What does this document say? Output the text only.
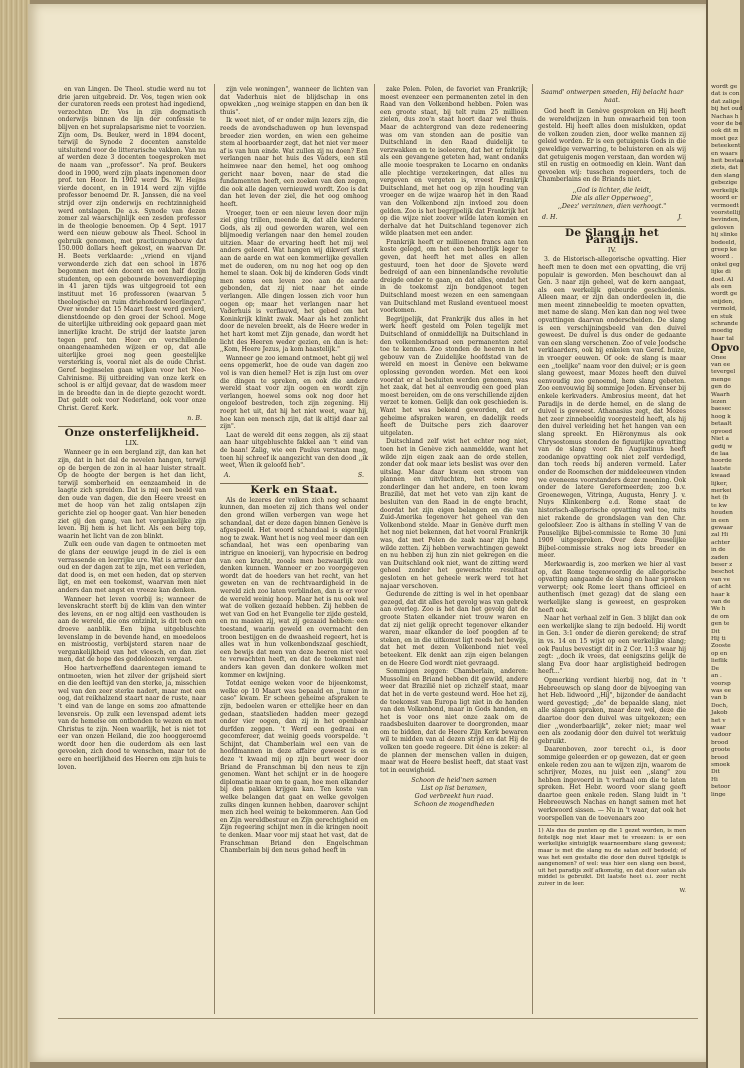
en van Lingen. De Theol. studie werd nu tot drie jaren uitgebreid. Dr. Vos, tegen wien ook der curatoren reeds een protest had ingediend, verzochten Dr. Vos in zijn dogmatisch onderwijs binnen de lijn der confessie te blijven en het supralapsarisme niet te voorzien. Zijn oom, Ds. Beuker, werd in 1894 docent, terwijl de Synode 2 docenten aanstelde uitsluitend voor de litterarische vakken. Van nu af werden deze 3 docenten toegesproken met de naam van ,,professor". Na prof. Beukers dood in 1900, werd zijn plaats ingenomen door prof. ten Hoor. In 1902 werd Ds. W. Heijns vierde docent, en in 1914 werd zijn vijfde professor benoemd Dr. R. Janssen, die na veel strijd over zijn onderwijs en rechtzinnigheid werd ontslagen. De a.s. Synode van dezen zomer zal waarschijnlijk een zesden professor in de theologie benoemen. Op 4 Sept. 1917 werd een nieuw gebouw als Theol. School in gebruik genomen, met practicumgebouw dat 150.000 dollars heeft gekost, en waarvan Dr. H. Beets verklaarde: ,,vriend en vijand verwonderde zich dat een school in 1876 begonnen met één docent en een half dozijn studenten, op een gebouwde bovenverdieping in 41 jaren tijds was uitgegroeid tot een instituut met 16 professoren (waarvan 5 theologische) en ruim driehonderd leerlingen". Over wonder dat 15 Maart feest werd gevierd, dienstdoende op den groei der School. Moge de uiterlijke uitbreiding ook gepaard gaan met innerlijke kracht. De strijd der laatste jaren tegen prof. ten Hoor en verschillende onaangenaamheden wijzen er op, dat alle uiterlijke groei nog geen geestelijke versterking is, vooral niet als de oude Christ. Geref. beginselen gaan wijken voor het Neo-Calvinisme. Bij uitbreiding van onze kerk en school is er altijd gevaar, dat de wasdom meer in de breedte dan in de diepte gezocht wordt. Dat geldt ook voor Nederland, ook voor onze Christ. Geref. Kerk.

n. B.
Onze onsterfelijkheid.
LIX.

Wanneer ge in een bergland zijt, dan kan het zijn, dat in het dal de nevelen hangen, terwijl op de bergen de zon in al haar luister straalt. Op de hoogte der bergen is het dan licht, terwijl somberheid en eenzaamheid in de laagte zich spreiden. Dat is mij een beeld van den oude van dagen, die den Heere vreest en met de hoop van het zalig ontslapen zijn gerichte ziel op hooger gaat. Van hier beneden ziet gij den gang, van het vergankelijke zijn leven. Bij hem is het licht. Als een berg top, waarin het licht van de zon blinkt.

Zulk een oude van dagen te ontmoeten met de glans der eeuwige jeugd in de ziel is een verrassende en leerrijke ure. Wat is armer dan oud en der dagen zat te zijn, met een verleden, dat dood is, en met een heden, dat op sterven ligt, en met een toekomst, waarvan men niet anders dan met angst en vreeze kan denken.

Wanneer het leven voorbij is; wanneer de levenskracht sterft bij de klim van den winter des levens, en er nog altijd een vasthouden is aan de wereld, die ons ontzinkt, is dit toch een droeve aanblik. Een bijna uitgebluschte levenslamp in de bevende hand, en moedeloos en mistroostig, verbijsterd staren naar de vergankelijkheid van het vleesch, en dan ziet men, dat de hope des goddeloozen vergaat.

Hoe hartverheffend daarentegen iemand te ontmoeten, wien het zilver der grijsheid siert en die den leeftijd van den sterke, ja, misschien wel van den zeer sterke nadert, maar met een oog, dat reikhalzend staart naar de ruste, naar 't eind van de lange en soms zoo afmattende levensreis. Op zulk een levenspad ademt iets van de hemelse om ontbonden te wezen en met Christus te zijn. Neen waarlijk, het is niet tot eer van onzen Heiland, die zoo hooggeroemd wordt door hen die ouderdom als een last gevoelen, zich dood te wenschen, maar tot de eere en heerlijkheid des Heeren om zijn huis te loven.

zijn vele woningen", wanneer de lichten van dat Vaderhuis niet de blijdschap in ons opwekken ,,nog weinige stappen en dan ben ik thuis".

Ik weet niet, of er onder mijn lezers zijn, die reeds de avondschaduwen op hun levenspad breeder zien worden, en wien een geheime stem al hoorbaarder zegt, dat het niet ver meer af is van hun einde. Wat zullen zij nu doen? Een verlangen naar het huis des Vaders, een stil heimwee naar den hemel, het oog omhoog gericht naar boven, naar de stad die fundamenten heeft, een zoeken van den zegen, die ook alle dagen vernieuwd wordt. Zoo is dat dan het leven der ziel, die het oog omhoog heeft.

Vroeger, toen er een nieuw leven door mijn ziel ging trillen, meende ik, dat alle kinderen Gods, als zij oud geworden waren, wel een blijmoedig verlangen naar den hemel zouden uitzien. Maar de ervaring heeft het mij wel anders geleerd. Wat hangen wij dikwerf sterk aan de aarde en wat een kommerlijke gevallen met de ouderen, om nu nog het oog op den hemel te slaan. Ook bij de kinderen Gods vindt men soms een leven zoo aan de aarde gebonden, dat zij niet naar het einde verlangen. Alle dingen lossen zich voor hun oogen op; maar het verlangen naar het Vaderhuis is verflauwd, het gebed om het Koninkrijk klinkt zwak. Maar als het zonlicht door de nevelen breekt, als de Heere weder in het hart komt met Zijn genade, dan wordt het licht des Heeren weder gezien, en dan is het: ,,Kom, Heere Jezus, ja kom haastelijk."

Wanneer ge zoo iemand ontmoet, hebt gij wel eens opgemerkt, hoe de oude van dagen zoo vol is van dien hemel? Het is zijn lust om over die dingen te spreken, en ook die andere wereld staat voor zijn oogen en wordt zijn verlangen, hoewel soms ook nog door het ongeloof bestreden, toch zijn zegening. Hij roept het uit, dat hij het niet weet, waar hij, hoe kan een mensch zijn, dat ik altijd daar zal zijn".

Laat de wereld dit eens zeggen, als zij staat aan haar uitgebluschte fakkel aan 't eind van de baan! Zalig, wie een Paulus verstaan mag, toen hij schreef ik aangezicht van den dood ,,ik weet, Wien ik geloofd heb".

A.	S.
Kerk en Staat.

Als de lezeres der volken zich nog schaamt kunnen, dan moeten zij zich thans wel onder den grond willen verbergen van wege het schandaal, dat er deze dagen binnen Genève is afgespeeld. Het woord schandaal is eigenlijk nog te zwak. Want het is nog veel meer dan een schandaal, het was een openbaring van intrigue en knoeierij, van hypocrisie en bedrog van een kracht, zooals men bezwaarlijk zou denken kunnen. Wanneer er zoo voorgegeven wordt dat de hoeders van het recht, van het geweten en van de rechtvaardigheid in de wereld zich zoo laten verblinden, dan is er voor de wereld weinig hoop. Maar het is nu ook wel wat de volken gezaaid hebben. Zij hebben de wet van God en het Evangelie ter zijde gesteld, en nu maaien zij, wat zij gezaaid hebben: een toestand, waarin geweld en overmacht den troon bestijgen en de dwaasheid regeert, het is alles wat in hun volkenbondszaal geschiedt, een bewijs dat men van deze heeren niet veel te verwachten heeft, en dat de toekomst niet anders kan geven dan donkere wolken met kommer en kwijning.

Totdat eenige weken voor de bijeenkomst, welke op 10 Maart was bepaald en ,,tumor in caso" kwam. Er scheen geheime afspraken te zijn, bedoelen waren er ettelijke heer en dan gedaan, staatslieden hadden meer gezegd onder vier oogen, dan zij in het openbaar durfden zeggen. 't Werd een gedraai en gecomfereer, dat weinig goeds voorspelde. 't Schijnt, dat Chamberlain wel een van de hoofdmannen in deze affaire geweest is en deze 't kwaad mij op zijn beurt weer door Briand de Franschman bij den neus te zijn genomen. Want het schijnt er in de hoogere diplomatie maar om te gaan, hoe men elkander bij den pakken krijgen kan. Ten koste van welke belangen dat gaat en welke gevolgen zulks dingen kunnen hebben, daarover schijnt men zich heel weinig te bekommeren. Aan God en Zijn wereldbestuur en Zijn gerechtigheid en Zijn regeering schijnt men in die kringen nooit te denken. Maar voor mij staat het vast, dat de Franschman Briand den Engelschman Chamberlain bij den neus gehad heeft in

zake Polen. Polen, de favoriet van Frankrijk; moest evenzeer een permanenten zetel in den Raad van den Volkenbond hebben. Polen was een groote staat, bij telt ruim 25 millioen zielen, dus zoo'n staat hoort daar wel thuis. Maar de achtergrond van deze redeneering was om van stonden aan de positie van Duitschland in den Raad duidelijk te verzwakken en te isoleeren, dat het er feitelijk als een gevangene geteten had, want ondanks alle mooie toespraken te Locarno en ondanks alle plechtige verzekeringen, dat alles nu vergeven en vergeten is, vreest Frankrijk Duitschland, met het oog op zijn houding van vroeger en de wijze waarop het in den Raad van den Volkenbond zijn invloed zou doen gelden. Zoo is het begrijpelijk dat Frankrijk het op die wijze niet zoover wilde laten komen en derhalve dat het Duitschland tegenover zich wilde plaatsen met een ander.

Frankrijk heeft er millioenen francs aan ten koste gelegd, om het een behoorlijk leger te geven, dat heeft het met alles en allen gestuurd, toen het door de Sjovete werd bedreigd of aan een binnenlandsche revolutie dreigde onder te gaan, en dat alles, omdat het in de toekomst zijn bondgenoot tegen Duitschland moest wezen en een samengaan van Duitschland met Rusland eventueel moest voorkomen.

Begrijpelijk, dat Frankrijk dus alles in het werk heeft gesteld om Polen tegelijk met Duitschland of onmiddellijk na Duitschland in den volkenbondsraad een permanenten zetel toe te kennen. Zoo stonden de heeren in het gebouw van de Zuidelijke hoofdstad van de wereld en moest in Genève een bekwame oplossing gevonden worden. Met een kooi voordat er al besluiten werden genomen, was het zaak, dat het al eenvoudig een goed plan moest bereiden, om de ons verschillende zijden verzet te komen. Gelijk dan ook geschieden is. Want het was bekend geworden, dat er geheime afspraken waren, en dadelijk reeds heeft de Duitsche pers zich daarover uitgelaten.

Duitschland zelf wist het echter nog niet, toen het in Genève zich aanmeldde, want het wilde zijn eigen zaak aan de orde stellen, zonder dat ook maar iets beslist was over den uitslag. Maar daar kwam een stroom van plannen en uitvluchten, het eene nog zonderlinger dan het andere, en toen kwam Brazilië, dat met het veto van zijn kant de besluiten van den Raad in de engte bracht, doordat het zijn eigen belangen en die van Zuid-Amerika tegenover het geheel van den Volkenbond stelde. Maar in Genève durft men het nog niet bekennen, dat het vooral Frankrijk was, dat met Polen de zaak naar zijn hand wilde zetten. Zij hebben verwachtingen gewekt en nu hebben zij hun zin niet gekregen en die van Duitschland ook niet, want de zitting werd geheel zonder het gewenschte resultaat gesloten en het geheele werk werd tot het najaar verschoven.

Gedurende de zitting is wel in het openbaar gezegd, dat dit alles het gevolg was van gebrek aan overleg. Zoo is het dan het gevolg dat de groote Staten elkander niet trouw waren en dat zij niet gelijk oprecht tegenover elkander waren, maar elkander de loef poogden af te steken, en in die uitkomst ligt reeds het bewijs, dat het met dezen Volkenbond niet veel beteekent. Elk denkt aan zijn eigen belangen en de Heere God wordt niet gevraagd.

Sommigen zeggen: Chamberlain, anderen: Mussolini en Briand hebben dit gewild, andere weer dat Brazilië niet op zichzelf staat, maar dat het in de verte gesteund werd. Hoe het zij, de toekomst van Europa ligt niet in de handen van den Volkenbond, maar in Gods handen, en het is voor ons niet onze zaak om de raadsbesluiten daarover te doorgronden, maar om te bidden, dat de Heere Zijn Kerk bewaren wil te midden van al dezen strijd en dat Hij de volken ten goede regeere. Dit ééne is zeker: al de plannen der menschen vallen in duigen, maar wat de Heere beslist heeft, dat staat vast tot in eeuwigheid.

Schoon de heid'nen samen
List op list beramen,
God verbreekt hun raad.
Schoon de mogendheden
Saamd' ontwerpen smeden, Hij belacht haar haat.

God heeft in Genève gesproken en Hij heeft de wereldwijzen in hun onwaarheid ten toon gesteld. Hij heeft alles doen mislukken, opdat de volken zouden zien, door welke mannen zij geleid worden. Er is een getuigenis Gods in die geweldige verwarring, te beluisteren en als wij dat getuigenis mogen verstaan, dan worden wij stil en rustig en ootmoedig en klein. Want dan gevoelen wij: tusschen regeerders, toch de Chamberlains en de Briands niet.

,,God is lichter, die leidt,
Die als aller Opperwoeg",
,,Deez' verzinnen, dien verhoogt."
d. H.	J.
De Slang in het Paradijs.
IV.

3. de Historisch-allegorische opvatting. Hier heeft men te doen met een opvatting, die vrij populair is geworden. Men beschouwt dan al Gen. 3 naar zijn geheel, wat de kern aangaat, als een werkelijk gebeurde geschiedenis. Alleen maar, er zijn dan onderdeelen in, die men meent zinnebeeldig te moeten opvatten, met name de slang. Men kan dan nog wel twee opvattingen daarvan onderscheiden. De slang is een verschijningsbeeld van den duivel geweest. De duivel is dus onder de gedaante van een slang verschenen. Zoo of vele Joodsche verklaarders, ook bij enkelen van Geref. huize, in vroeger eeuwen. Of ook: de slang is maar een ,,toelijke" naam voor den duivel; er is geen slang geweest, maar Mozes heeft den duivel eenvoudig zoo genoemd, hem slang gebeten. Zoo eenvouwig bij sommige Joden. Ervenser bij enkele kerkvaders. Ambrosius meent, dat het Paradijs in de derde hemel, en de slang de duivel is geweest. Athanasius zegt, dat Mozes het zeer zinnebeeldig voorgesteld heeft, als hij den duivel verleiding het het hangen van een slang spreekt. En Hiëronymus als ook Chrysostomus stonden de figuurlijke opvatting van de slang voor. En Augustinus heeft zoodanige opvatting ook niet zelf verdedigd, dan toch reeds bij anderen vermeld. Later onder de Roomschen der middeleeuwen vinden we eveneens voorstanders dezer meening. Ook onder de latere Gereformeerden; zoo b.v. Groenewegen, Vitringa, Augusta, Henry J. v. Nuys Klinkenberg e.d. Rome staat de historisch-allegorische opvatting wel toe, mits niet rakende de grondslagen van den Chr. geloofsleer. Zoo is althans in stelling V van de Pauselijke Bijbel-commissie te Rome 30 Juni 1909 uitgesproken. Over deze Pauselijke Bijbel-commissie straks nog iets breeder en meer.

Merkwaardig is, zoo merken we hier al vast op, dat Rome tegenwoordig de allegorische opvatting aangaande de slang en haar spreken verwerpt; ook Rome leert thans officieel en authentisch (met gezag) dat de slang een werkelijke slang is geweest, en gesproken heeft ook.

Naar het verhaal zelf in Gen. 3 blijkt dan ook een werkelijke slang te zijn bedoeld. Hij wordt in Gen. 3:1 onder de dieren gerekend; de straf in vs. 14 en 15 wijst op een werkelijke slang; ook Paulus bevestigt dit in 2 Cor. 11:3 waar hij zegt: ,,doch ik vrees, dat eenigszins gelijk de slang Eva door haar arglistigheid bedrogen heeft..."

Opmerking verdient hierbij nog, dat in 't Hebreeuwsch op slang door de bijvoeging van het Heb. lidwoord ,,Hij", bijzonder de aandacht werd gevestigd; ,,de" de bepaalde slang, niet alle slangen spraken, maar deze wel, deze die daartoe door den duivel was uitgekozen; een dier ,,wonderbaarlijk", zeker niet; maar wel een als zoodanig door den duivel tot werktuig gebruikt.

Daarenboven, zoor terecht o.i., is door sommige geleerden er op gewezen, dat er geen enkele reden zou aan te wijzen zijn, waarom de schrijver, Mozes, nu juist een ,,slang" zou hebben ingevoerd in 't verhaal om die te laten spreken. Het Hebr. woord voor slang geeft daartoe geen enkele reden. Slang luidt in 't Hebreeuwsch Nachas en hangt samen met het werkwoord sissen. — Nu in 't waar, dat ook het voorspellen van de toevenaars zoo

1) Als dus de punten op die 1 gezet worden, is men feitelijk nog niet klaar met te vreezen: is er een werkelijke sintuiglijk waarneembare slang geweest; maar is met die slang nu de satan zelf bedoeld; of was het een gestalte die door den duivel tijdelijk is aangenomen? of wel: was hier een slang een beest, uit het paradijs zelf afkomstig, en dat door satan als middel is gebruikt. Dit laatste heet o.i. zeer recht zuiver in de leer.
W.
wordt ge
dat is con
dat zalige
bij het oud
Nachas h
voor de be
ook dit m
moet gez
beteekent
en waars
heit bestaa
ziets, dat
den slang
gebezige
werkelijk
woord er
vermoedt
voorstellij
bevinden,
geloven
hij slinke
bodeeld,
greep ke
woord .
onkel geg
lijke di
doel. Al
als een
wordt ge
snijden,
vermold,
en stuk
schrande
moedig
haar tal

Opvo
Onee
van ee
tevergel
menge
gen do
Waarh
lezen
baesec
hoog k
betaalt
opvoed
Niet a
gedij w
de laa
hoorde
laatste
kwaad
lijker,
merkei
het (b
te kw
houden
in een
gewaar
zal Hi
achter
in de
zaden
beser z
beschot
van ve
of acht
haar k
van de
We h
de om
gen te
Dit
Hij ti
Zooste
op en
lieflik
De
an .
voorsp
was ee
van b
Doch,
Jakob
het v
waar
vadoor
brood
groote
brood
smoek
Dit
Hi
betoor
linge
